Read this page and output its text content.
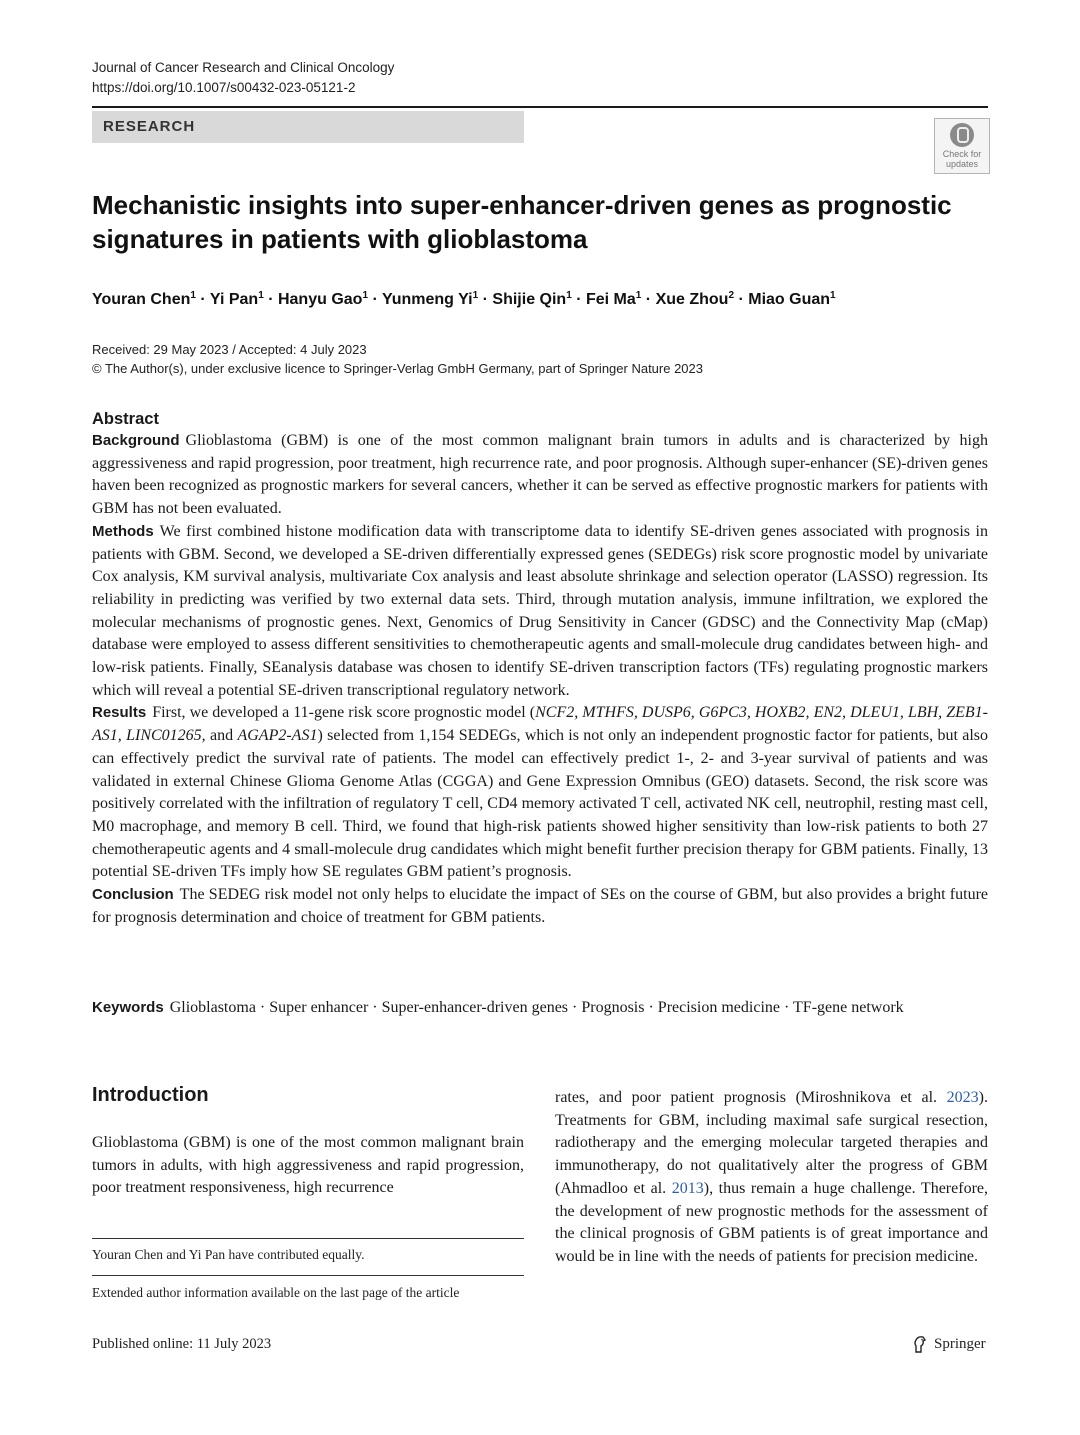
Journal of Cancer Research and Clinical Oncology
https://doi.org/10.1007/s00432-023-05121-2
RESEARCH
Check for
updates
Mechanistic insights into super-enhancer-driven genes as prognostic signatures in patients with glioblastoma
Youran Chen$^1$ · Yi Pan$^1$ · Hanyu Gao$^1$ · Yunmeng $Yi^1$ · Shijie Qin$^1$ · Fei $Ma^1$ · Xue Zhou$^2$ · Miao Guan$^1$
Received: 29 May 2023 / Accepted: 4 July 2023
© The Author(s), under exclusive licence to Springer-Verlag GmbH Germany, part of Springer Nature 2023
Abstract

Background Glioblastoma (GBM) is one of the most common malignant brain tumors in adults and is characterized by high aggressiveness and rapid progression, poor treatment, high recurrence rate, and poor prognosis. Although super-enhancer (SE)-driven genes haven been recognized as prognostic markers for several cancers, whether it can be served as effective prognostic markers for patients with GBM has not been evaluated.

Methods We first combined histone modification data with transcriptome data to identify SE-driven genes associated with prognosis in patients with GBM. Second, we developed a SE-driven differentially expressed genes (SEDEGs) risk score prognostic model by univariate Cox analysis, KM survival analysis, multivariate Cox analysis and least absolute shrinkage and selection operator (LASSO) regression. Its reliability in predicting was verified by two external data sets. Third, through mutation analysis, immune infiltration, we explored the molecular mechanisms of prognostic genes. Next, Genomics of Drug Sensitivity in Cancer (GDSC) and the Connectivity Map (cMap) database were employed to assess different sensitivities to chemotherapeutic agents and small-molecule drug candidates between high- and low-risk patients. Finally, SEanalysis database was chosen to identify SE-driven transcription factors (TFs) regulating prognostic markers which will reveal a potential SE-driven transcriptional regulatory network.

Results First, we developed a 11-gene risk score prognostic model (NCF2, MTHFS, DUSP6, G6PC3, HOXB2, EN2, DLEU1, LBH, ZEB1-AS1, LINC01265, and AGAP2-AS1) selected from 1,154 SEDEGs, which is not only an independent prognostic factor for patients, but also can effectively predict the survival rate of patients. The model can effectively predict 1-, 2- and 3-year survival of patients and was validated in external Chinese Glioma Genome Atlas (CGGA) and Gene Expression Omnibus (GEO) datasets. Second, the risk score was positively correlated with the infiltration of regulatory T cell, CD4 memory activated T cell, activated NK cell, neutrophil, resting mast cell, M0 macrophage, and memory B cell. Third, we found that high-risk patients showed higher sensitivity than low-risk patients to both 27 chemotherapeutic agents and 4 small-molecule drug candidates which might benefit further precision therapy for GBM patients. Finally, 13 potential SE-driven TFs imply how SE regulates GBM patient’s prognosis.

Conclusion The SEDEG risk model not only helps to elucidate the impact of SEs on the course of GBM, but also provides a bright future for prognosis determination and choice of treatment for GBM patients.

Keywords Glioblastoma · Super enhancer · Super-enhancer-driven genes · Prognosis · Precision medicine · TF-gene network
Introduction
Glioblastoma (GBM) is one of the most common malignant brain tumors in adults, with high aggressiveness and rapid progression, poor treatment responsiveness, high recurrence
rates, and poor patient prognosis (Miroshnikova et al. 2023). Treatments for GBM, including maximal safe surgical resection, radiotherapy and the emerging molecular targeted therapies and immunotherapy, do not qualitatively alter the progress of GBM (Ahmadloo et al. 2013), thus remain a huge challenge. Therefore, the development of new prognostic methods for the assessment of the clinical prognosis of GBM patients is of great importance and would be in line with the needs of patients for precision medicine.
Youran Chen and Yi Pan have contributed equally.
Extended author information available on the last page of the article
Published online: 11 July 2023	Springer
